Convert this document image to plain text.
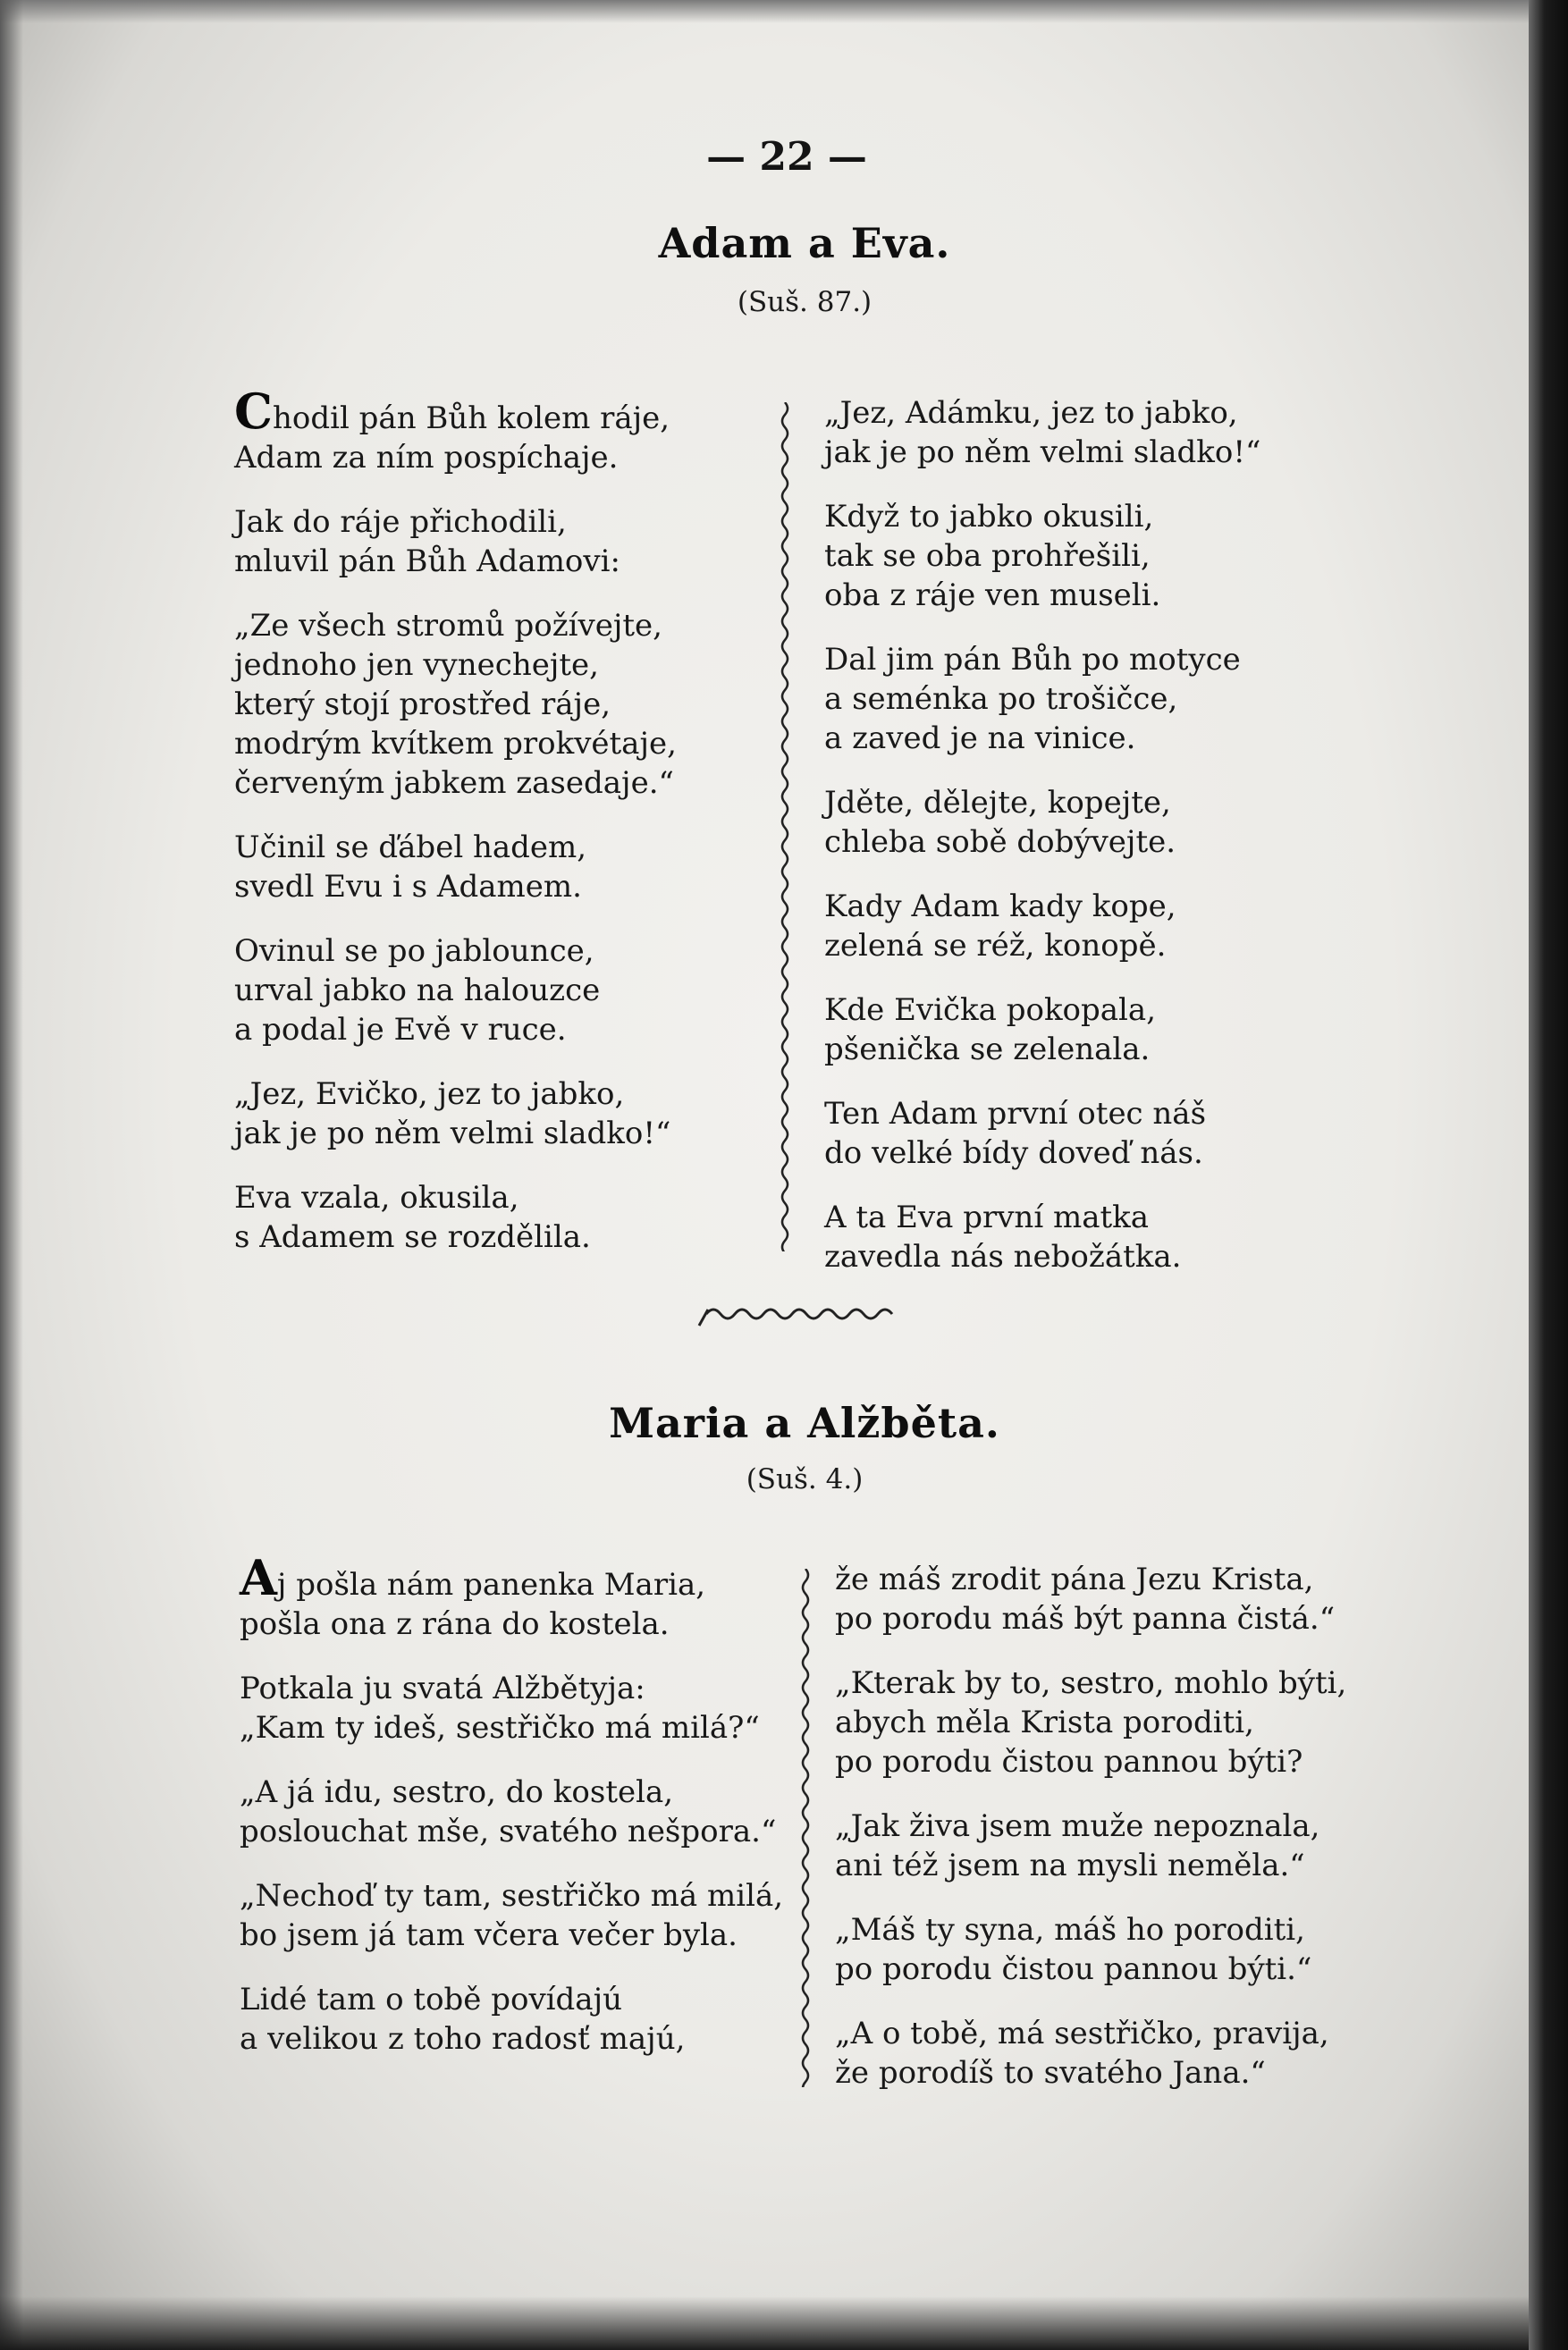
— 22 —
Adam a Eva.
(Suš. 87.)
Chodil pán Bůh kolem ráje,
Adam za ním pospíchaje.
Jak do ráje přichodili,
mluvil pán Bůh Adamovi:
„Ze všech stromů požívejte,
jednoho jen vynechejte,
který stojí prostřed ráje,
modrým kvítkem prokvétaje,
červeným jabkem zasedaje.“
Učinil se ďábel hadem,
svedl Evu i s Adamem.
Ovinul se po jablounce,
urval jabko na halouzce
a podal je Evě v ruce.
„Jez, Evičko, jez to jabko,
jak je po něm velmi sladko!“
Eva vzala, okusila,
s Adamem se rozdělila.
„Jez, Adámku, jez to jabko,
jak je po něm velmi sladko!“
Když to jabko okusili,
tak se oba prohřešili,
oba z ráje ven museli.
Dal jim pán Bůh po motyce
a seménka po trošičce,
a zaved je na vinice.
Jděte, dělejte, kopejte,
chleba sobě dobývejte.
Kady Adam kady kope,
zelená se réž, konopě.
Kde Evička pokopala,
pšenička se zelenala.
Ten Adam první otec náš
do velké bídy doveď nás.
A ta Eva první matka
zavedla nás nebožátka.
Maria a Alžběta.
(Suš. 4.)
Aj pošla nám panenka Maria,
pošla ona z rána do kostela.
Potkala ju svatá Alžbětyja:
„Kam ty ideš, sestřičko má milá?“
„A já idu, sestro, do kostela,
poslouchat mše, svatého nešpora.“
„Nechoď ty tam, sestřičko má milá,
bo jsem já tam včera večer byla.
Lidé tam o tobě povídajú
a velikou z toho radosť majú,
že máš zrodit pána Jezu Krista,
po porodu máš být panna čistá.“
„Kterak by to, sestro, mohlo býti,
abych měla Krista poroditi,
po porodu čistou pannou býti?
„Jak živa jsem muže nepoznala,
ani též jsem na mysli neměla.“
„Máš ty syna, máš ho poroditi,
po porodu čistou pannou býti.“
„A o tobě, má sestřičko, pravija,
že porodíš to svatého Jana.“
